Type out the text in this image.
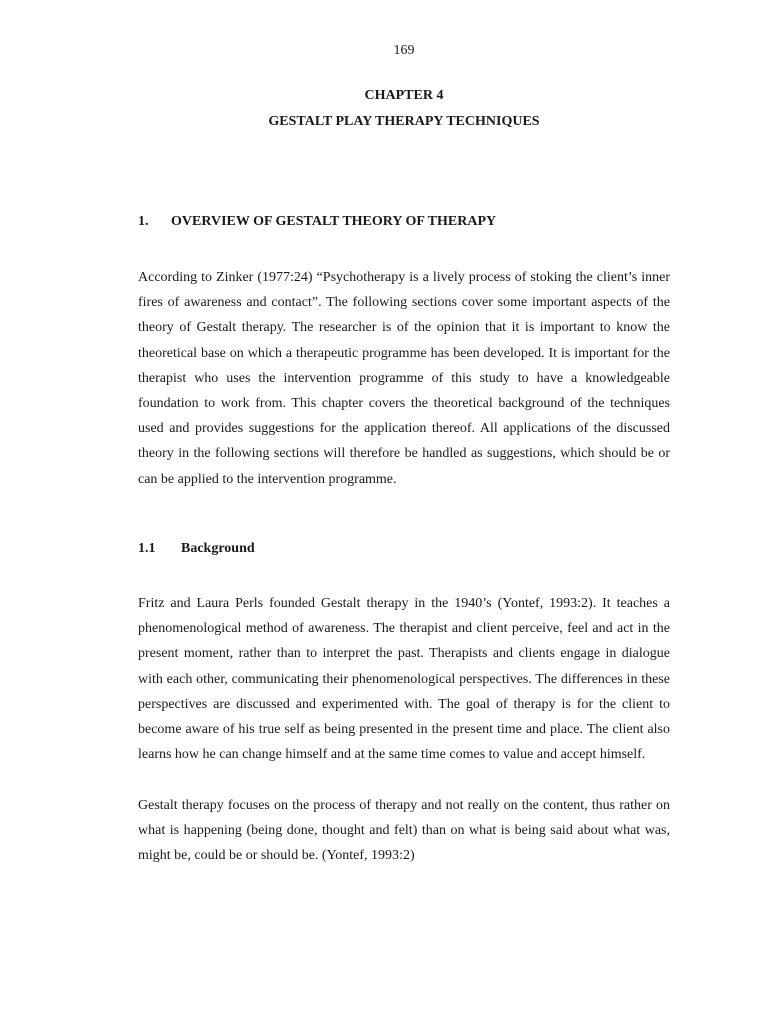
169
CHAPTER 4
GESTALT PLAY THERAPY TECHNIQUES
1. OVERVIEW OF GESTALT THEORY OF THERAPY

According to Zinker (1977:24) “Psychotherapy is a lively process of stoking the client’s inner fires of awareness and contact”. The following sections cover some important aspects of the theory of Gestalt therapy. The researcher is of the opinion that it is important to know the theoretical base on which a therapeutic programme has been developed. It is important for the therapist who uses the intervention programme of this study to have a knowledgeable foundation to work from. This chapter covers the theoretical background of the techniques used and provides suggestions for the application thereof. All applications of the discussed theory in the following sections will therefore be handled as suggestions, which should be or can be applied to the intervention programme.

1.1 Background

Fritz and Laura Perls founded Gestalt therapy in the 1940’s (Yontef, 1993:2). It teaches a phenomenological method of awareness. The therapist and client perceive, feel and act in the present moment, rather than to interpret the past. Therapists and clients engage in dialogue with each other, communicating their phenomenological perspectives. The differences in these perspectives are discussed and experimented with. The goal of therapy is for the client to become aware of his true self as being presented in the present time and place. The client also learns how he can change himself and at the same time comes to value and accept himself.

Gestalt therapy focuses on the process of therapy and not really on the content, thus rather on what is happening (being done, thought and felt) than on what is being said about what was, might be, could be or should be. (Yontef, 1993:2)
